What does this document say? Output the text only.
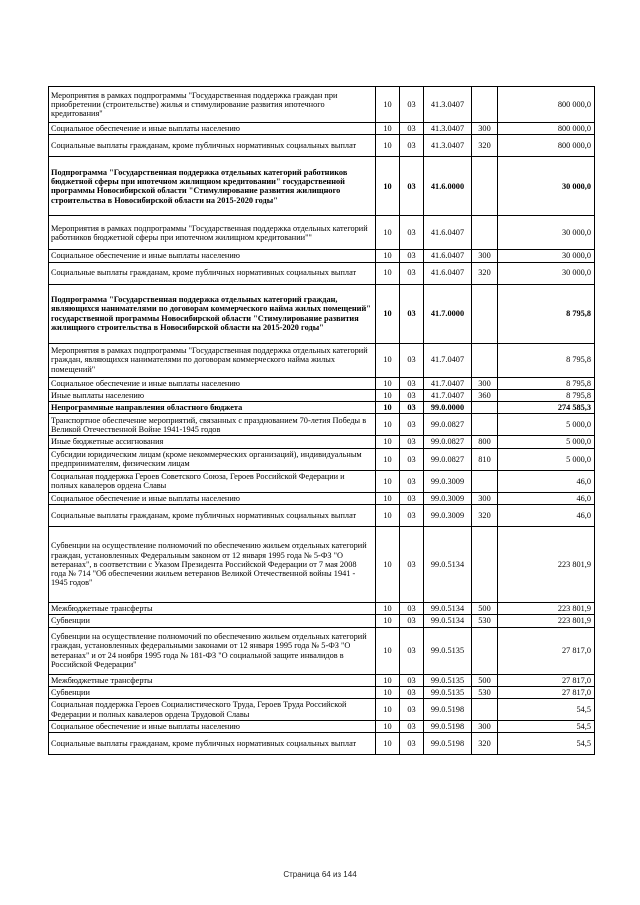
Мероприятия в рамках подпрограммы "Государственная поддержка граждан при приобретении (строительстве) жилья и стимулирование развития ипотечного кредитования"	10	03	41.3.0407		800 000,0
Социальное обеспечение и иные выплаты населению	10	03	41.3.0407	300	800 000,0
Социальные выплаты гражданам, кроме публичных нормативных социальных выплат	10	03	41.3.0407	320	800 000,0
Подпрограмма "Государственная поддержка отдельных категорий работников бюджетной сферы при ипотечном жилищном кредитовании" государственной программы Новосибирской области "Стимулирование развития жилищного строительства в Новосибирской области на 2015-2020 годы"	10	03	41.6.0000		30 000,0
Мероприятия в рамках подпрограммы "Государственная поддержка отдельных категорий работников бюджетной сферы при ипотечном жилищном кредитовании""	10	03	41.6.0407		30 000,0
Социальное обеспечение и иные выплаты населению	10	03	41.6.0407	300	30 000,0
Социальные выплаты гражданам, кроме публичных нормативных социальных выплат	10	03	41.6.0407	320	30 000,0
Подпрограмма "Государственная поддержка отдельных категорий граждан, являющихся нанимателями по договорам коммерческого найма жилых помещений" государственной программы Новосибирской области "Стимулирование развития жилищного строительства в Новосибирской области на 2015-2020 годы"	10	03	41.7.0000		8 795,8
Мероприятия в рамках подпрограммы "Государственная поддержка отдельных категорий граждан, являющихся нанимателями по договорам коммерческого найма жилых помещений"	10	03	41.7.0407		8 795,8
Социальное обеспечение и иные выплаты населению	10	03	41.7.0407	300	8 795,8
Иные выплаты населению	10	03	41.7.0407	360	8 795,8
Непрограммные направления областного бюджета	10	03	99.0.0000		274 585,3
Транспортное обеспечение мероприятий, связанных с празднованием 70-летия Победы в Великой Отечественной Войне 1941-1945 годов	10	03	99.0.0827		5 000,0
Иные бюджетные ассигнования	10	03	99.0.0827	800	5 000,0
Субсидии юридическим лицам (кроме некоммерческих организаций), индивидуальным предпринимателям, физическим лицам	10	03	99.0.0827	810	5 000,0
Социальная поддержка Героев Советского Союза, Героев Российской Федерации и полных кавалеров ордена Славы	10	03	99.0.3009		46,0
Социальное обеспечение и иные выплаты населению	10	03	99.0.3009	300	46,0
Социальные выплаты гражданам, кроме публичных нормативных социальных выплат	10	03	99.0.3009	320	46,0
Субвенции на осуществление полномочий по обеспечению жильем отдельных категорий граждан, установленных Федеральным законом от 12 января 1995 года № 5-ФЗ "О ветеранах", в соответствии с Указом Президента Российской Федерации от 7 мая 2008 года № 714 "Об обеспечении жильем ветеранов Великой Отечественной войны 1941 - 1945 годов"	10	03	99.0.5134		223 801,9
Межбюджетные трансферты	10	03	99.0.5134	500	223 801,9
Субвенции	10	03	99.0.5134	530	223 801,9
Субвенции на осуществление полномочий по обеспечению жильем отдельных категорий граждан, установленных федеральными законами от 12 января 1995 года № 5-ФЗ "О ветеранах" и от 24 ноября 1995 года № 181-ФЗ "О социальной защите инвалидов в Российской Федерации"	10	03	99.0.5135		27 817,0
Межбюджетные трансферты	10	03	99.0.5135	500	27 817,0
Субвенции	10	03	99.0.5135	530	27 817,0
Социальная поддержка Героев Социалистического Труда, Героев Труда Российской Федерации и полных кавалеров ордена Трудовой Славы	10	03	99.0.5198		54,5
Социальное обеспечение и иные выплаты населению	10	03	99.0.5198	300	54,5
Социальные выплаты гражданам, кроме публичных нормативных социальных выплат	10	03	99.0.5198	320	54,5
Страница 64 из 144
